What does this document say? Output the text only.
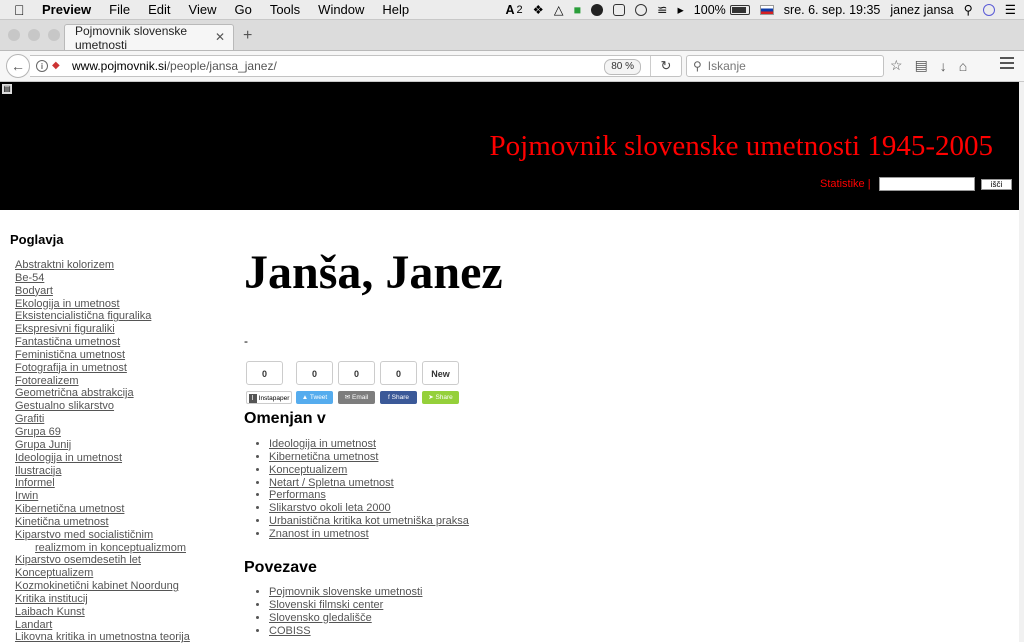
Preview File Edit View Go Tools Window Help	A 2 ❖ △ ■	≌ ▸ 100%	sre. 6. sep. 19:35 janez jansa ⚲	☰
Pojmovnik slovenske umetnosti
✕ +
←	i ◆ www.pojmovnik.si/people/jansa_janez/	80 %	↻	⚲ Iskanje	☆ ▤ ↓ ⌂
▤
Pojmovnik slovenske umetnosti 1945-2005
Statistike |	išči
Poglavja
Abstraktni kolorizem
Be-54
Bodyart
Ekologija in umetnost
Eksistencialistična figuralika
Ekspresivni figuraliki
Fantastična umetnost
Feministična umetnost
Fotografija in umetnost
Fotorealizem
Geometrična abstrakcija
Gestualno slikarstvo
Grafiti
Grupa 69
Grupa Junij
Ideologija in umetnost
Ilustracija
Informel
Irwin
Kibernetična umetnost
Kinetična umetnost
Kiparstvo med socialističnim
realizmom in konceptualizmom
Kiparstvo osemdesetih let
Konceptualizem
Kozmokinetični kabinet Noordung
Kritika institucij
Laibach Kunst
Landart
Likovna kritika in umetnostna teorija
Janša, Janez
-
0	0	0	0	New
I Instapaper	▲ Tweet	✉ Email	f Share	➤ Share
Omenjan v
• Ideologija in umetnost
• Kibernetična umetnost
• Konceptualizem
• Netart / Spletna umetnost
• Performans
• Slikarstvo okoli leta 2000
• Urbanistična kritika kot umetniška praksa
• Znanost in umetnost
Povezave
• Pojmovnik slovenske umetnosti
• Slovenski filmski center
• Slovensko gledališče
• COBISS
